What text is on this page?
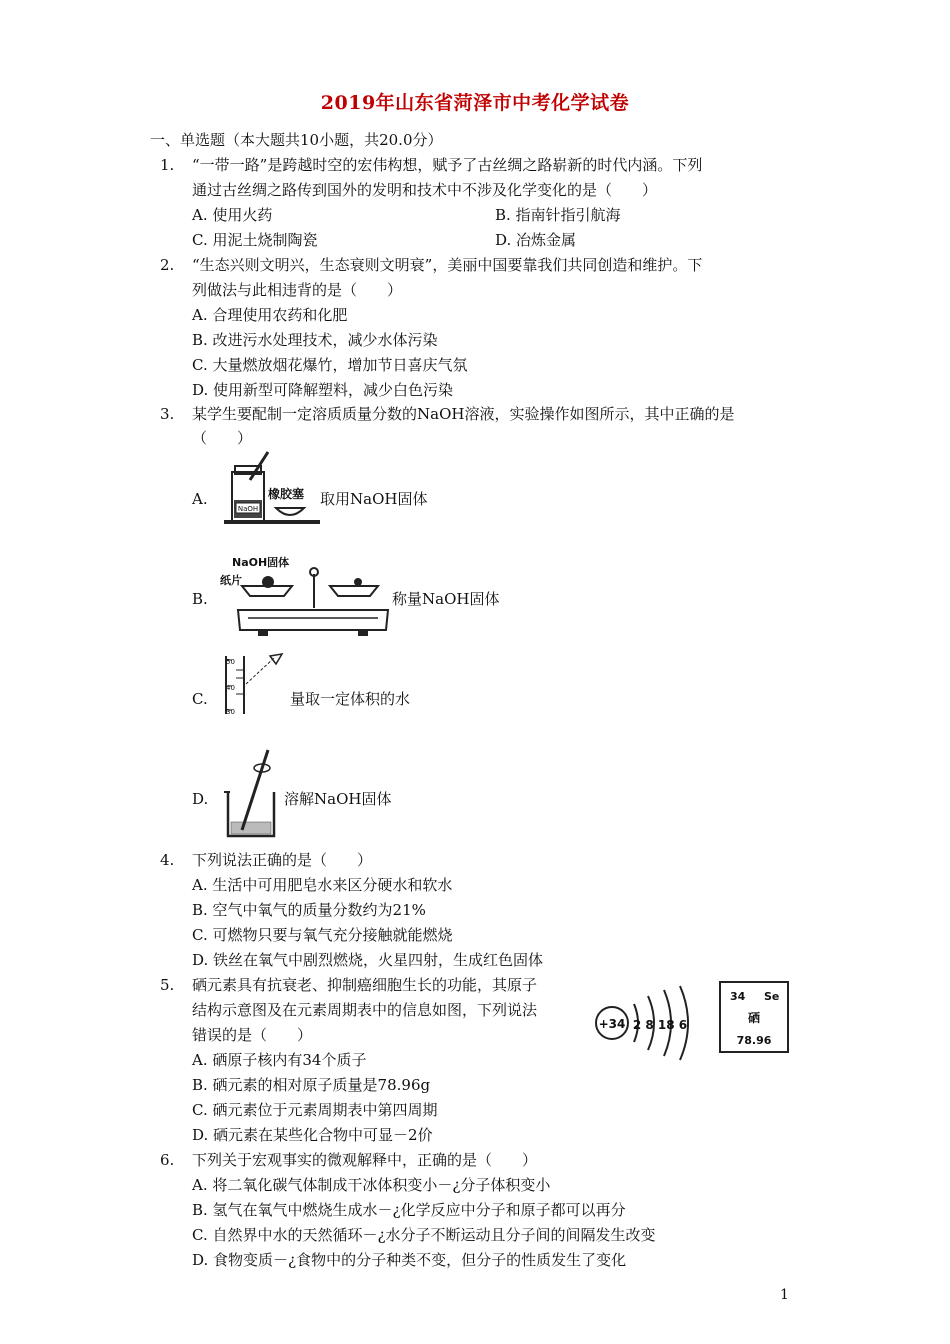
2019年山东省菏泽市中考化学试卷
一、单选题（本大题共10小题，共20.0分）
1. “一带一路”是跨越时空的宏伟构想，赋予了古丝绸之路崭新的时代内涵。下列
通过古丝绸之路传到国外的发明和技术中不涉及化学变化的是（　　）
A. 使用火药	B. 指南针指引航海
C. 用泥土烧制陶瓷	D. 冶炼金属
2. “生态兴则文明兴，生态衰则文明衰”，美丽中国要靠我们共同创造和维护。下
列做法与此相违背的是（　　）
A. 合理使用农药和化肥
B. 改进污水处理技术，减少水体污染
C. 大量燃放烟花爆竹，增加节日喜庆气氛
D. 使用新型可降解塑料，减少白色污染
3. 某学生要配制一定溶质质量分数的NaOH溶液，实验操作如图所示，其中正确的是
（　　）
A.
NaOH
橡胶塞 取用NaOH固体
B.
NaOH固体
纸片
称量NaOH固体
C.
50
40
30
量取一定体积的水
D.	溶解NaOH固体
4. 下列说法正确的是（　　）
A. 生活中可用肥皂水来区分硬水和软水
B. 空气中氧气的质量分数约为21%
C. 可燃物只要与氧气充分接触就能燃烧
D. 铁丝在氧气中剧烈燃烧，火星四射，生成红色固体
5. 硒元素具有抗衰老、抑制癌细胞生长的功能，其原子
结构示意图及在元素周期表中的信息如图，下列说法
错误的是（　　）
+34 2 8 18 6
34 Se
硒
78.96
A. 硒原子核内有34个质子
B. 硒元素的相对原子质量是78.96g
C. 硒元素位于元素周期表中第四周期
D. 硒元素在某些化合物中可显－2价
6. 下列关于宏观事实的微观解释中，正确的是（　　）
A. 将二氧化碳气体制成干冰体积变小－¿分子体积变小
B. 氢气在氧气中燃烧生成水－¿化学反应中分子和原子都可以再分
C. 自然界中水的天然循环－¿水分子不断运动且分子间的间隔发生改变
D. 食物变质－¿食物中的分子种类不变，但分子的性质发生了变化
1
